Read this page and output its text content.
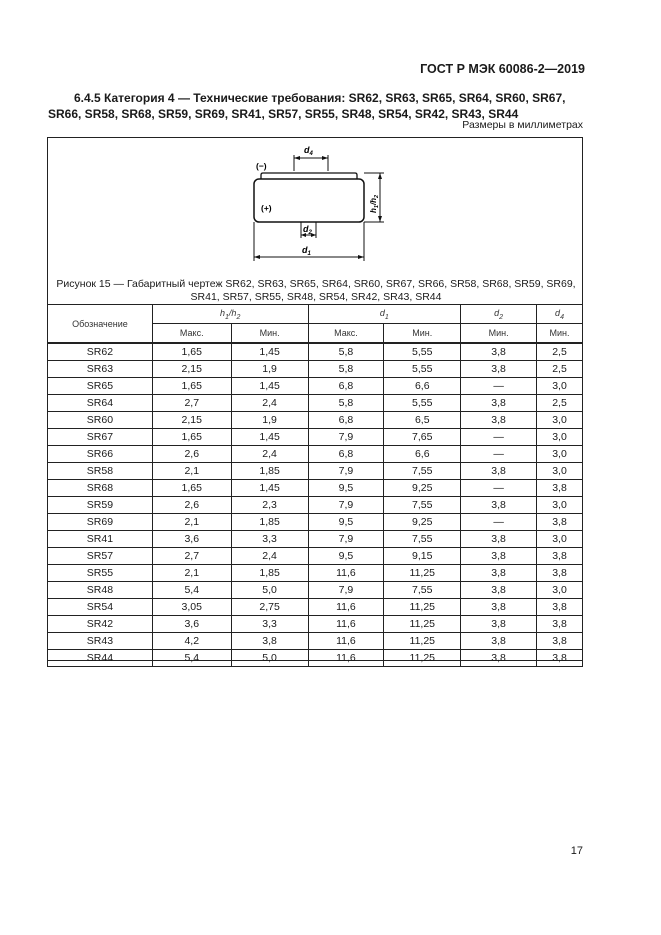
ГОСТ Р МЭК 60086-2—2019
6.4.5 Категория 4 — Технические требования: SR62, SR63, SR65, SR64, SR60, SR67, SR66, SR58, SR68, SR59, SR69, SR41, SR57, SR55, SR48, SR54, SR42, SR43, SR44
Размеры в миллиметрах
$d_4$
(−)
(+)
$d_2$
$d_1$
$h_1/h_2$
Рисунок 15 — Габаритный чертеж SR62, SR63, SR65, SR64, SR60, SR67, SR66, SR58, SR68, SR59, SR69, SR41, SR57, SR55, SR48, SR54, SR42, SR43, SR44
Обозначение	$h_1/h_2$		$d_1$		$d_2$	$d_4$
	Макс.	Мин.	Макс.	Мин.	Мин.	Мин.
SR62	1,65	1,45	5,8	5,55	3,8	2,5
SR63	2,15	1,9	5,8	5,55	3,8	2,5
SR65	1,65	1,45	6,8	6,6	—	3,0
SR64	2,7	2,4	5,8	5,55	3,8	2,5
SR60	2,15	1,9	6,8	6,5	3,8	3,0
SR67	1,65	1,45	7,9	7,65	—	3,0
SR66	2,6	2,4	6,8	6,6	—	3,0
SR58	2,1	1,85	7,9	7,55	3,8	3,0
SR68	1,65	1,45	9,5	9,25	—	3,8
SR59	2,6	2,3	7,9	7,55	3,8	3,0
SR69	2,1	1,85	9,5	9,25	—	3,8
SR41	3,6	3,3	7,9	7,55	3,8	3,0
SR57	2,7	2,4	9,5	9,15	3,8	3,8
SR55	2,1	1,85	11,6	11,25	3,8	3,8
SR48	5,4	5,0	7,9	7,55	3,8	3,0
SR54	3,05	2,75	11,6	11,25	3,8	3,8
SR42	3,6	3,3	11,6	11,25	3,8	3,8
SR43	4,2	3,8	11,6	11,25	3,8	3,8
SR44	5,4	5,0	11,6	11,25	3,8	3,8
17
